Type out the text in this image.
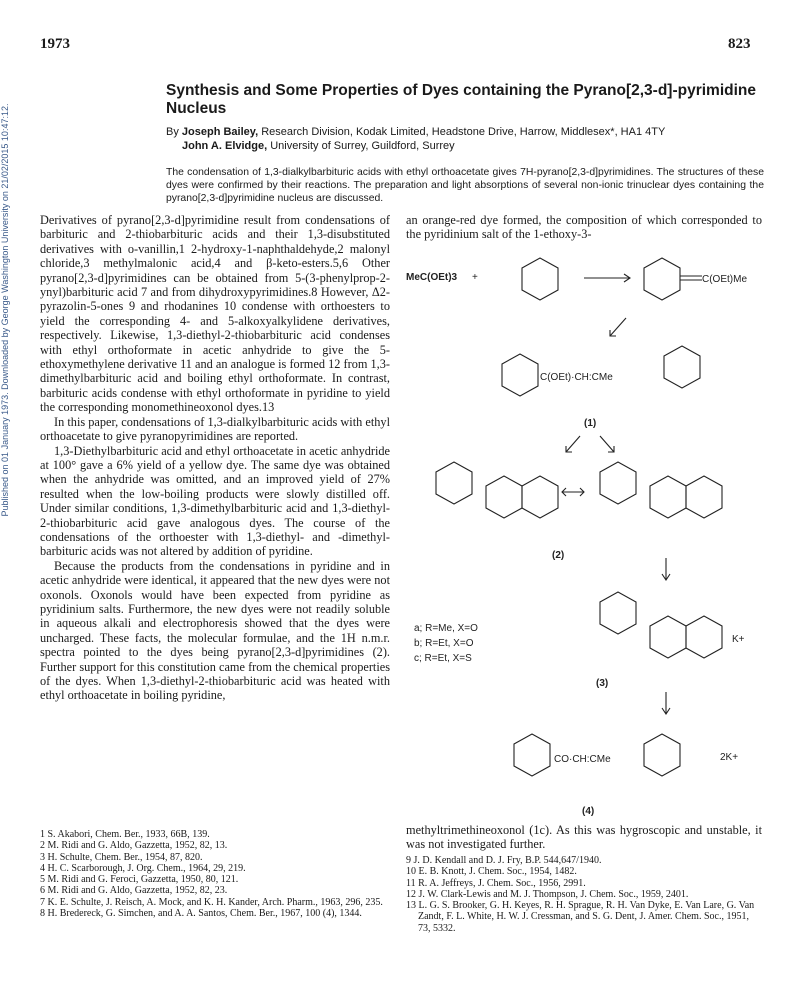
1973	823
Synthesis and Some Properties of Dyes containing the Pyrano[2,3-d]-pyrimidine Nucleus
By Joseph Bailey, Research Division, Kodak Limited, Headstone Drive, Harrow, Middlesex*, HA1 4TY
John A. Elvidge, University of Surrey, Guildford, Surrey
The condensation of 1,3-dialkylbarbituric acids with ethyl orthoacetate gives 7H-pyrano[2,3-d]pyrimidines. The structures of these dyes were confirmed by their reactions. The preparation and light absorptions of several non-ionic trinuclear dyes containing the pyrano[2,3-d]pyrimidine nucleus are discussed.
Published on 01 January 1973. Downloaded by George Washington University on 21/02/2015 10:47:12.	Derivatives of pyrano[2,3-d]pyrimidine result from condensations of barbituric and 2-thiobarbituric acids and their 1,3-disubstituted derivatives with o-vanillin,1 2-hydroxy-1-naphthaldehyde,2 malonyl chloride,3 methylmalonic acid,4 and β-keto-esters.5,6 Other pyrano[2,3-d]pyrimidines can be obtained from 5-(3-phenylprop-2-ynyl)barbituric acid 7 and from dihydroxypyrimidines.8 However, Δ2-pyrazolin-5-ones 9 and rhodanines 10 condense with orthoesters to yield the corresponding 4- and 5-alkoxyalkylidene derivatives, respectively. Likewise, 1,3-diethyl-2-thiobarbituric acid condenses with ethyl orthoformate in acetic anhydride to give the 5-ethoxymethylene derivative 11 and an analogue is formed 12 from 1,3-dimethylbarbituric acid and boiling ethyl orthoformate. In contrast, barbituric acids condense with ethyl orthoformate in pyridine to yield the corresponding monomethineoxonol dyes.13

In this paper, condensations of 1,3-dialkylbarbituric acids with ethyl orthoacetate to give pyranopyrimidines are reported.

1,3-Diethylbarbituric acid and ethyl orthoacetate in acetic anhydride at 100° gave a 6% yield of a yellow dye. The same dye was obtained when the anhydride was omitted, and an improved yield of 27% resulted when the low-boiling products were slowly distilled off. Under similar conditions, 1,3-dimethylbarbituric acid and 1,3-diethyl-2-thiobarbituric acid gave analogous dyes. The course of the condensations of the orthoester with 1,3-diethyl- and -dimethyl-barbituric acids was not altered by addition of pyridine.

Because the products from the condensations in pyridine and in acetic anhydride were identical, it appeared that the new dyes were not oxonols. Oxonols would have been expected from pyridine as pyridinium salts. Furthermore, the new dyes were not readily soluble in aqueous alkali and electrophoresis showed that the dyes were uncharged. These facts, the molecular formulae, and the 1H n.m.r. spectra pointed to the dyes being pyrano[2,3-d]pyrimidines (2). Further support for this constitution came from the chemical properties of the dyes. When 1,3-diethyl-2-thiobarbituric acid was heated with ethyl orthoacetate in boiling pyridine,

an orange-red dye formed, the composition of which corresponded to the pyridinium salt of the 1-ethoxy-3-
MeC(OEt)3 +	C(OEt)Me
C(OEt)·CH:CMe
CO·CH:CMe
(1)
(2)
(3)
(4)
a; R=Me, X=O
b; R=Et, X=O
c; R=Et, X=S
K+
2K+
methyltrimethineoxonol (1c). As this was hygroscopic and unstable, it was not investigated further.
1 S. Akabori, Chem. Ber., 1933, 66B, 139.
2 M. Ridi and G. Aldo, Gazzetta, 1952, 82, 13.
3 H. Schulte, Chem. Ber., 1954, 87, 820.
4 H. C. Scarborough, J. Org. Chem., 1964, 29, 219.
5 M. Ridi and G. Feroci, Gazzetta, 1950, 80, 121.
6 M. Ridi and G. Aldo, Gazzetta, 1952, 82, 23.
7 K. E. Schulte, J. Reisch, A. Mock, and K. H. Kander, Arch. Pharm., 1963, 296, 235.
8 H. Bredereck, G. Simchen, and A. A. Santos, Chem. Ber., 1967, 100 (4), 1344.
9 J. D. Kendall and D. J. Fry, B.P. 544,647/1940.
10 E. B. Knott, J. Chem. Soc., 1954, 1482.
11 R. A. Jeffreys, J. Chem. Soc., 1956, 2991.
12 J. W. Clark-Lewis and M. J. Thompson, J. Chem. Soc., 1959, 2401.
13 L. G. S. Brooker, G. H. Keyes, R. H. Sprague, R. H. Van Dyke, E. Van Lare, G. Van Zandt, F. L. White, H. W. J. Cressman, and S. G. Dent, J. Amer. Chem. Soc., 1951, 73, 5332.
